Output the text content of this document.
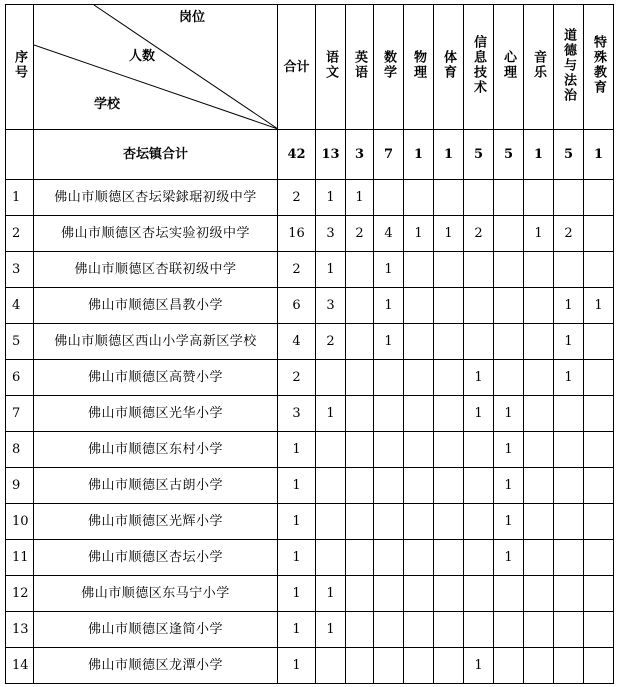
序号	岗位
人数
学校	合计	语文	英语	数学	物理	体育	信息技术	心理	音乐	道德与法治	特殊教育
	杏坛镇合计	42	13	3	7	1	1	5	5	1	5	1
1	佛山市顺德区杏坛梁銶琚初级中学	2	1	1								
2	佛山市顺德区杏坛实验初级中学	16	3	2	4	1	1	2		1	2	
3	佛山市顺德区杏联初级中学	2	1		1							
4	佛山市顺德区昌教小学	6	3		1						1	1
5	佛山市顺德区西山小学高新区学校	4	2		1						1	
6	佛山市顺德区高赞小学	2						1			1	
7	佛山市顺德区光华小学	3	1					1	1			
8	佛山市顺德区东村小学	1							1			
9	佛山市顺德区古朗小学	1							1			
10	佛山市顺德区光辉小学	1							1			
11	佛山市顺德区杏坛小学	1							1			
12	佛山市顺德区东马宁小学	1	1									
13	佛山市顺德区逢简小学	1	1									
14	佛山市顺德区龙潭小学	1						1				
